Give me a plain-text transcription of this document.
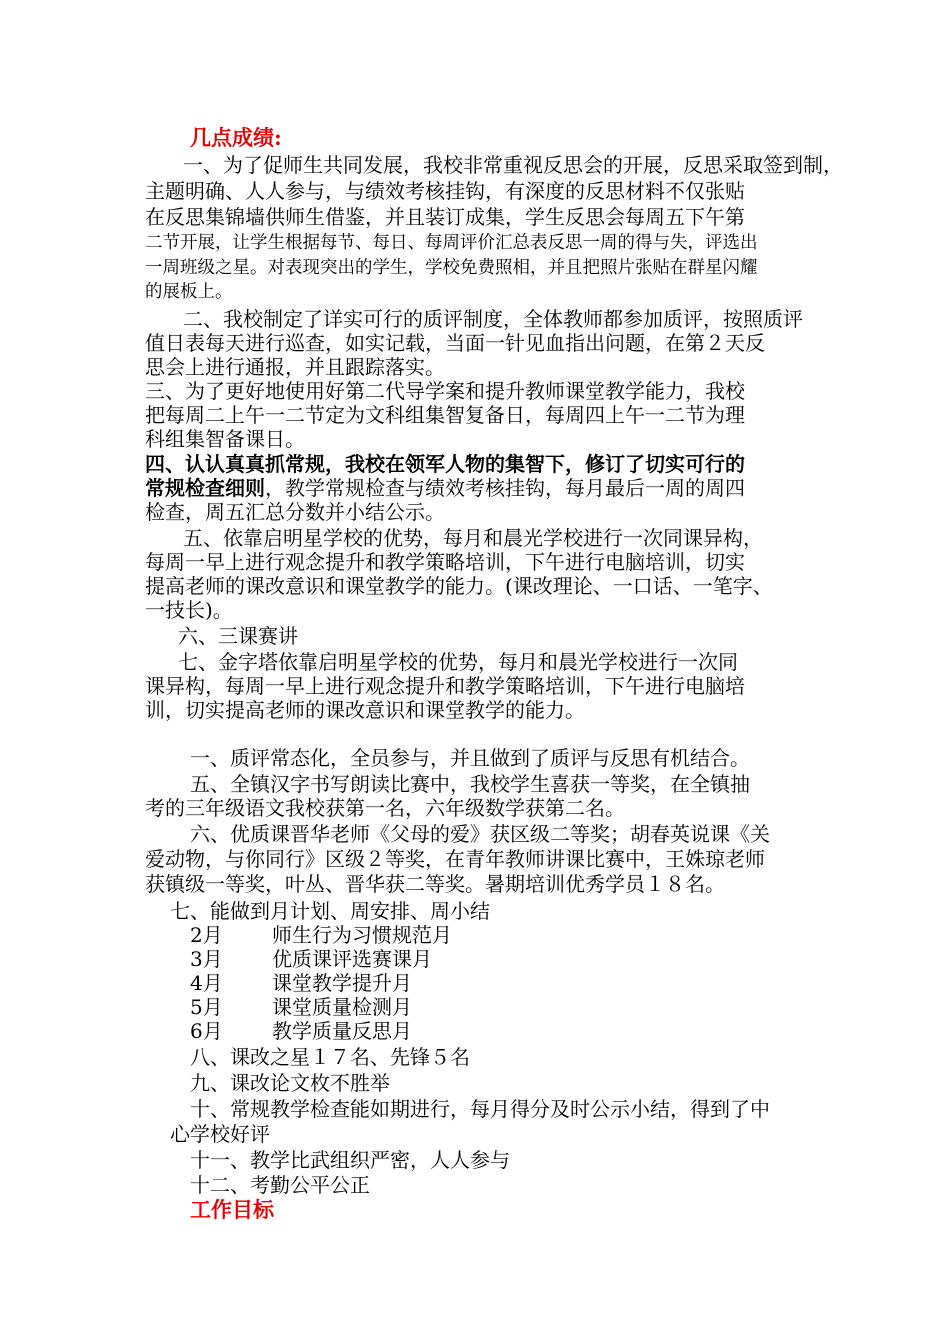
几点成绩:
一、为了促师生共同发展，我校非常重视反思会的开展，反思采取签到制，
主题明确、人人参与，与绩效考核挂钩，有深度的反思材料不仅张贴
在反思集锦墙供师生借鉴，并且装订成集，学生反思会每周五下午第
二节开展，让学生根据每节、每日、每周评价汇总表反思一周的得与失，评选出
一周班级之星。对表现突出的学生，学校免费照相，并且把照片张贴在群星闪耀
的展板上。
二、我校制定了详实可行的质评制度，全体教师都参加质评，按照质评
值日表每天进行巡查，如实记载，当面一针见血指出问题，在第２天反
思会上进行通报，并且跟踪落实。
三、为了更好地使用好第二代导学案和提升教师课堂教学能力，我校
把每周二上午一二节定为文科组集智复备日，每周四上午一二节为理
科组集智备课日。
四、认认真真抓常规，我校在领军人物的集智下，修订了切实可行的
常规检查细则，教学常规检查与绩效考核挂钩，每月最后一周的周四
检查，周五汇总分数并小结公示。
五、依靠启明星学校的优势，每月和晨光学校进行一次同课异构，
每周一早上进行观念提升和教学策略培训，下午进行电脑培训，切实
提高老师的课改意识和课堂教学的能力。(课改理论、一口话、一笔字、
一技长)。
六、三课赛讲
七、金字塔依靠启明星学校的优势，每月和晨光学校进行一次同
课异构，每周一早上进行观念提升和教学策略培训，下午进行电脑培
训，切实提高老师的课改意识和课堂教学的能力。
一、质评常态化，全员参与，并且做到了质评与反思有机结合。
五、全镇汉字书写朗读比赛中，我校学生喜获一等奖，在全镇抽
考的三年级语文我校获第一名，六年级数学获第二名。
六、优质课晋华老师《父母的爱》获区级二等奖；胡春英说课《关
爱动物，与你同行》区级２等奖，在青年教师讲课比赛中，王姝琼老师
获镇级一等奖，叶丛、晋华获二等奖。暑期培训优秀学员１８名。
七、能做到月计划、周安排、周小结
2月 师生行为习惯规范月
3月 优质课评选赛课月
4月 课堂教学提升月
5月 课堂质量检测月
6月 教学质量反思月
八、课改之星１７名、先锋５名
九、课改论文枚不胜举
十、常规教学检查能如期进行，每月得分及时公示小结，得到了中
心学校好评
十一、教学比武组织严密，人人参与
十二、考勤公平公正
工作目标
